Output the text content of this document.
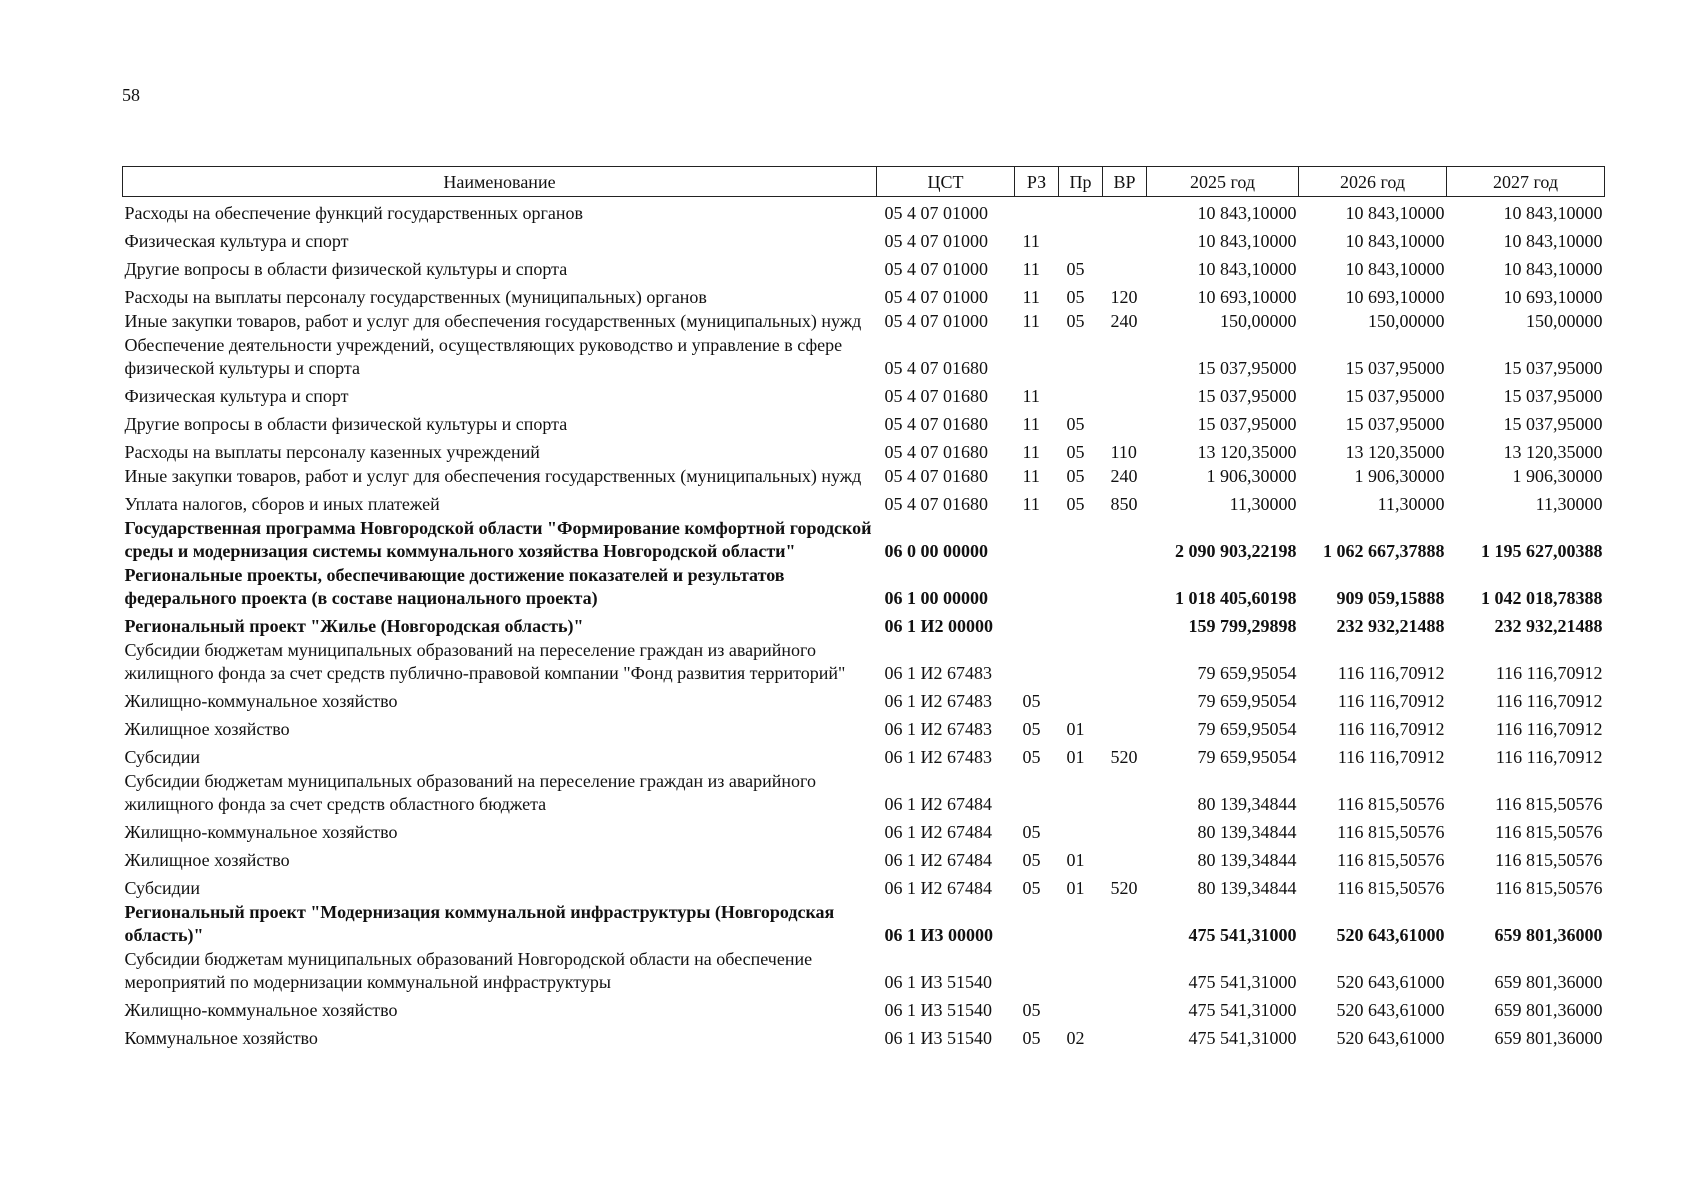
58
Наименование	ЦСТ	РЗ	Пр	ВР	2025 год	2026 год	2027 год
Расходы на обеспечение функций государственных органов	05 4 07 01000				10 843,10000	10 843,10000	10 843,10000
Физическая культура и спорт	05 4 07 01000	11			10 843,10000	10 843,10000	10 843,10000
Другие вопросы в области физической культуры и спорта	05 4 07 01000	11	05		10 843,10000	10 843,10000	10 843,10000
Расходы на выплаты персоналу государственных (муниципальных) органов	05 4 07 01000	11	05	120	10 693,10000	10 693,10000	10 693,10000
Иные закупки товаров, работ и услуг для обеспечения государственных (муниципальных) нужд	05 4 07 01000	11	05	240	150,00000	150,00000	150,00000
Обеспечение деятельности учреждений, осуществляющих руководство и управление в сфере физической культуры и спорта	05 4 07 01680				15 037,95000	15 037,95000	15 037,95000
Физическая культура и спорт	05 4 07 01680	11			15 037,95000	15 037,95000	15 037,95000
Другие вопросы в области физической культуры и спорта	05 4 07 01680	11	05		15 037,95000	15 037,95000	15 037,95000
Расходы на выплаты персоналу казенных учреждений	05 4 07 01680	11	05	110	13 120,35000	13 120,35000	13 120,35000
Иные закупки товаров, работ и услуг для обеспечения государственных (муниципальных) нужд	05 4 07 01680	11	05	240	1 906,30000	1 906,30000	1 906,30000
Уплата налогов, сборов и иных платежей	05 4 07 01680	11	05	850	11,30000	11,30000	11,30000
Государственная программа Новгородской области "Формирование комфортной городской среды и модернизация системы коммунального хозяйства Новгородской области"	06 0 00 00000				2 090 903,22198	1 062 667,37888	1 195 627,00388
Региональные проекты, обеспечивающие достижение показателей и результатов федерального проекта (в составе национального проекта)	06 1 00 00000				1 018 405,60198	909 059,15888	1 042 018,78388
Региональный проект "Жилье (Новгородская область)"	06 1 И2 00000				159 799,29898	232 932,21488	232 932,21488
Субсидии бюджетам муниципальных образований на переселение граждан из аварийного жилищного фонда за счет средств публично-правовой компании "Фонд развития территорий"	06 1 И2 67483				79 659,95054	116 116,70912	116 116,70912
Жилищно-коммунальное хозяйство	06 1 И2 67483	05			79 659,95054	116 116,70912	116 116,70912
Жилищное хозяйство	06 1 И2 67483	05	01		79 659,95054	116 116,70912	116 116,70912
Субсидии	06 1 И2 67483	05	01	520	79 659,95054	116 116,70912	116 116,70912
Субсидии бюджетам муниципальных образований на переселение граждан из аварийного жилищного фонда за счет средств областного бюджета	06 1 И2 67484				80 139,34844	116 815,50576	116 815,50576
Жилищно-коммунальное хозяйство	06 1 И2 67484	05			80 139,34844	116 815,50576	116 815,50576
Жилищное хозяйство	06 1 И2 67484	05	01		80 139,34844	116 815,50576	116 815,50576
Субсидии	06 1 И2 67484	05	01	520	80 139,34844	116 815,50576	116 815,50576
Региональный проект "Модернизация коммунальной инфраструктуры (Новгородская область)"	06 1 И3 00000				475 541,31000	520 643,61000	659 801,36000
Субсидии бюджетам муниципальных образований Новгородской области на обеспечение мероприятий по модернизации коммунальной инфраструктуры	06 1 И3 51540				475 541,31000	520 643,61000	659 801,36000
Жилищно-коммунальное хозяйство	06 1 И3 51540	05			475 541,31000	520 643,61000	659 801,36000
Коммунальное хозяйство	06 1 И3 51540	05	02		475 541,31000	520 643,61000	659 801,36000
